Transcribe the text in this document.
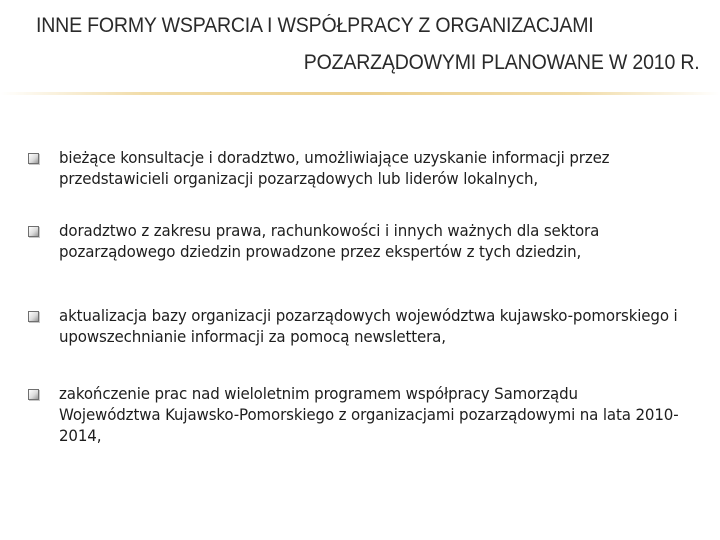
INNE FORMY WSPARCIA I WSPÓŁPRACY Z ORGANIZACJAMI
POZARZĄDOWYMI PLANOWANE W 2010 R.
bieżące konsultacje i doradztwo, umożliwiające uzyskanie informacji przez przedstawicieli organizacji pozarządowych lub liderów lokalnych,
doradztwo z zakresu prawa, rachunkowości i innych ważnych dla sektora pozarządowego dziedzin prowadzone przez ekspertów z tych dziedzin,
aktualizacja bazy organizacji pozarządowych województwa kujawsko-pomorskiego i upowszechnianie informacji za pomocą newslettera,
zakończenie prac nad wieloletnim programem współpracy Samorządu Województwa Kujawsko-Pomorskiego z organizacjami pozarządowymi na lata 2010-2014,
